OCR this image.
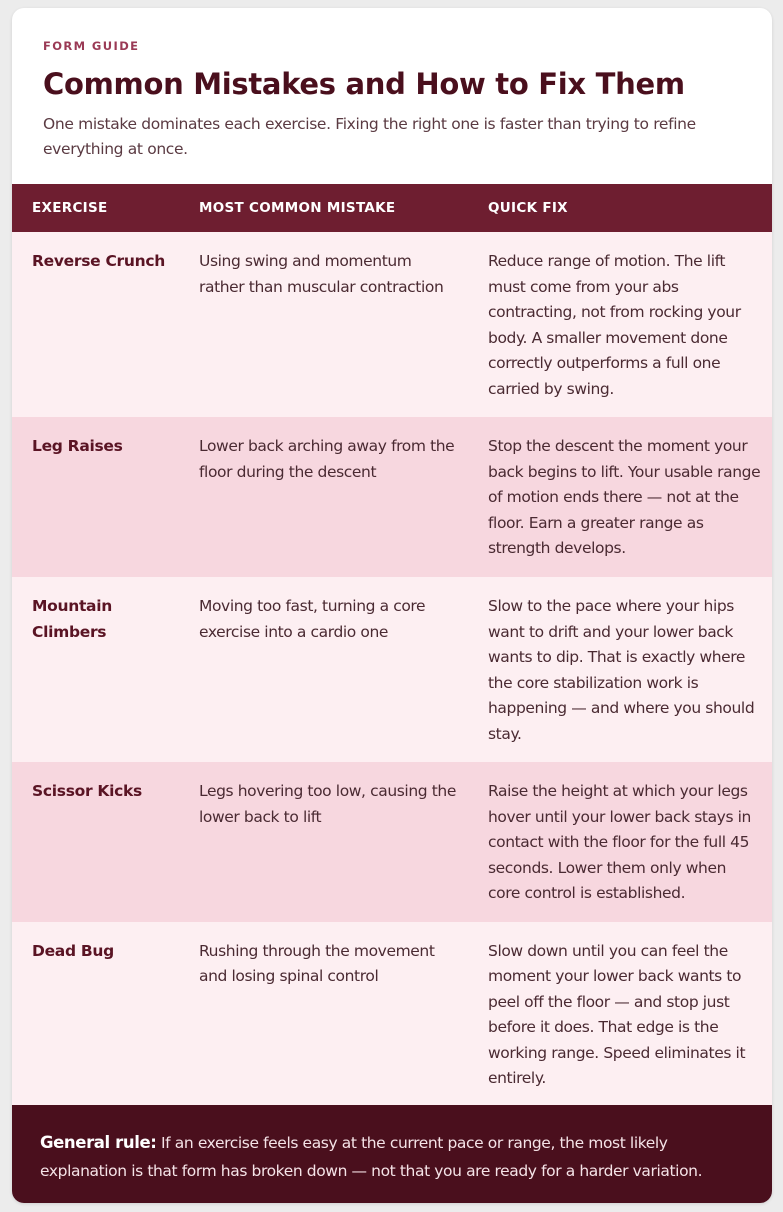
FORM GUIDE
Common Mistakes and How to Fix Them

One mistake dominates each exercise. Fixing the right one is faster than trying to refine everything at once.

EXERCISE	MOST COMMON MISTAKE	QUICK FIX
Reverse Crunch	Using swing and momentum rather than muscular contraction	Reduce range of motion. The lift must come from your abs contracting, not from rocking your body. A smaller movement done correctly outperforms a full one carried by swing.
Leg Raises	Lower back arching away from the floor during the descent	Stop the descent the moment your back begins to lift. Your usable range of motion ends there — not at the floor. Earn a greater range as strength develops.
Mountain Climbers	Moving too fast, turning a core exercise into a cardio one	Slow to the pace where your hips want to drift and your lower back wants to dip. That is exactly where the core stabilization work is happening — and where you should stay.
Scissor Kicks	Legs hovering too low, causing the lower back to lift	Raise the height at which your legs hover until your lower back stays in contact with the floor for the full 45 seconds. Lower them only when core control is established.
Dead Bug	Rushing through the movement and losing spinal control	Slow down until you can feel the moment your lower back wants to peel off the floor — and stop just before it does. That edge is the working range. Speed eliminates it entirely.
General rule: If an exercise feels easy at the current pace or range, the most likely explanation is that form has broken down — not that you are ready for a harder variation.
